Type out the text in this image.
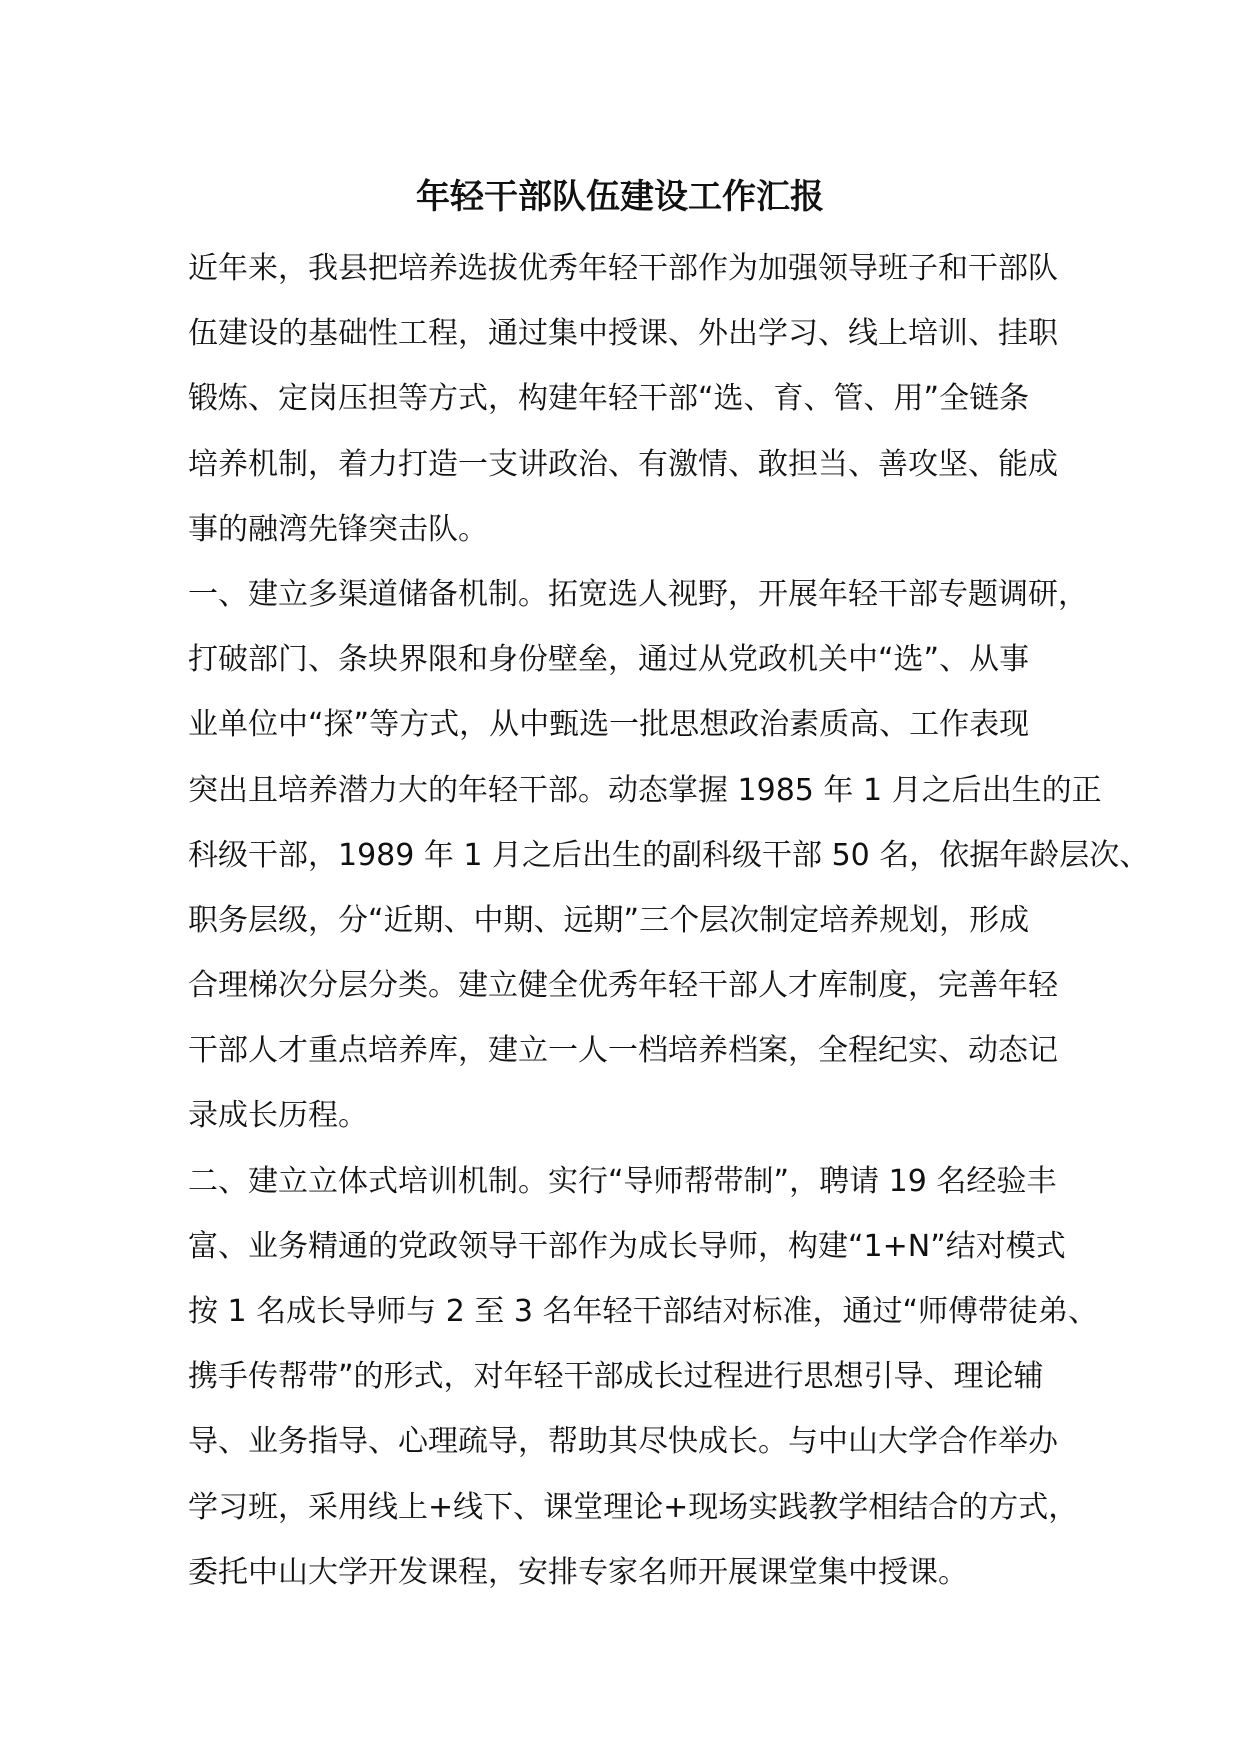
年轻干部队伍建设工作汇报

近年来，我县把培养选拔优秀年轻干部作为加强领导班子和干部队
伍建设的基础性工程，通过集中授课、外出学习、线上培训、挂职
锻炼、定岗压担等方式，构建年轻干部“选、育、管、用”全链条
培养机制，着力打造一支讲政治、有激情、敢担当、善攻坚、能成
事的融湾先锋突击队。

一、建立多渠道储备机制。拓宽选人视野，开展年轻干部专题调研，
打破部门、条块界限和身份壁垒，通过从党政机关中“选”、从事
业单位中“探”等方式，从中甄选一批思想政治素质高、工作表现
突出且培养潜力大的年轻干部。动态掌握 1985 年 1 月之后出生的正
科级干部，1989 年 1 月之后出生的副科级干部 50 名，依据年龄层次、
职务层级，分“近期、中期、远期”三个层次制定培养规划，形成
合理梯次分层分类。建立健全优秀年轻干部人才库制度，完善年轻
干部人才重点培养库，建立一人一档培养档案，全程纪实、动态记
录成长历程。

二、建立立体式培训机制。实行“导师帮带制”，聘请 19 名经验丰
富、业务精通的党政领导干部作为成长导师，构建“1+N”结对模式
按 1 名成长导师与 2 至 3 名年轻干部结对标准，通过“师傅带徒弟、
携手传帮带”的形式，对年轻干部成长过程进行思想引导、理论辅
导、业务指导、心理疏导，帮助其尽快成长。与中山大学合作举办
学习班，采用线上+线下、课堂理论+现场实践教学相结合的方式，
委托中山大学开发课程，安排专家名师开展课堂集中授课。
